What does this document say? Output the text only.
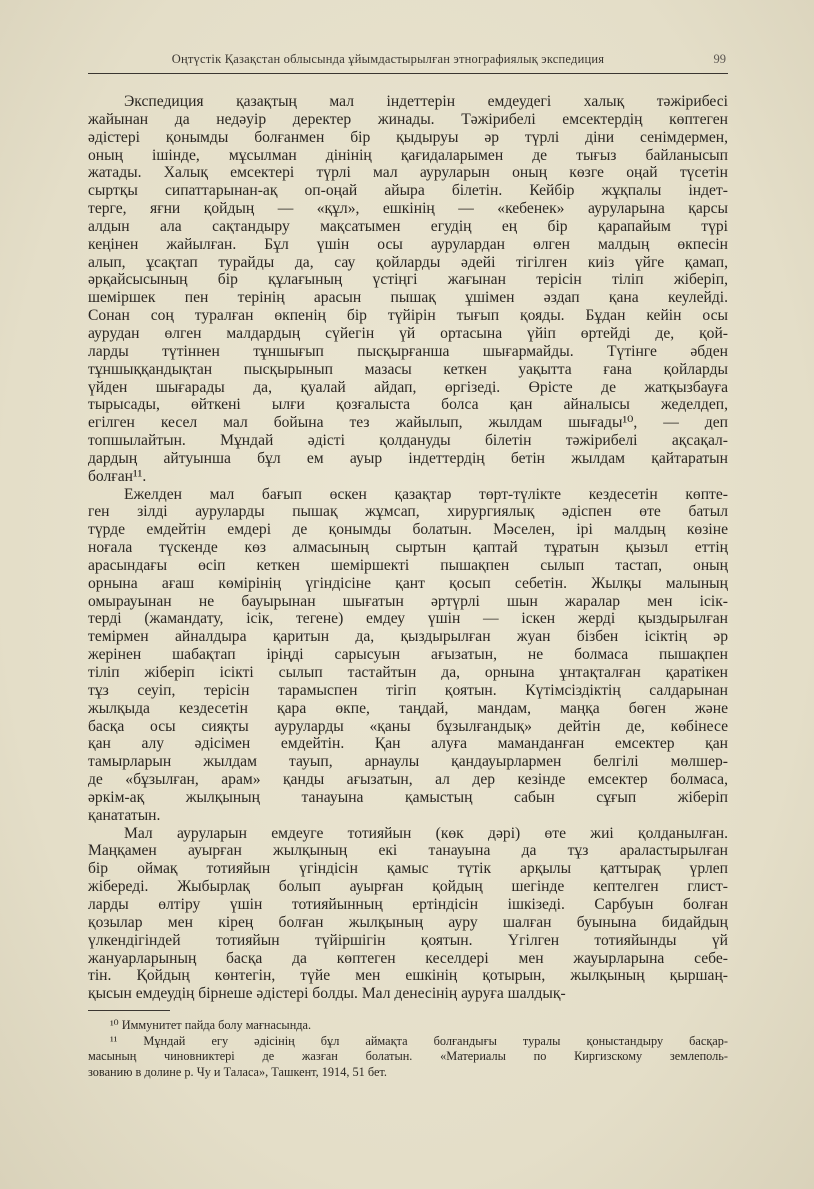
Оңтүстік Қазақстан облысында ұйымдастырылған этнографиялық экспедиция	99
Экспедиция қазақтың мал індеттерін емдеудегі халық тәжірибесі
жайынан да недәуір деректер жинады. Тәжірибелі емсектердің көптеген
әдістері қонымды болғанмен бір қыдыруы әр түрлі діни сенімдермен,
оның ішінде, мұсылман дінінің қағидаларымен де тығыз байланысып
жатады. Халық емсектері түрлі мал ауруларын оның көзге оңай түсетін
сыртқы сипаттарынан-ақ оп-оңай айыра білетін. Кейбір жұқпалы індет-
терге, яғни қойдың — «құл», ешкінің — «кебенек» ауруларына қарсы
алдын ала сақтандыру мақсатымен егудің ең бір қарапайым түрі
кеңінен жайылған. Бұл үшін осы аурулардан өлген малдың өкпесін
алып, ұсақтап турайды да, сау қойларды әдейі тігілген киіз үйге қамап,
әрқайсысының бір құлағының үстіңгі жағынан терісін тіліп жіберіп,
шеміршек пен терінің арасын пышақ ұшімен әздап қана кеулейді.
Сонан соң туралған өкпенің бір түйірін тығып қояды. Бұдан кейін осы
аурудан өлген малдардың сүйегін үй ортасына үйіп өртейді де, қой-
ларды түтіннен тұншығып пысқырғанша шығармайды. Түтінге әбден
тұншыққандықтан пысқырынып мазасы кеткен уақытта ғана қойларды
үйден шығарады да, қуалай айдап, өргізеді. Өрісте де жатқызбауға
тырысады, өйткені ылғи қозғалыста болса қан айналысы жеделдеп,
егілген кесел мал бойына тез жайылып, жылдам шығады¹⁰, — деп
топшылайтын. Мұндай әдісті қолдануды білетін тәжірибелі ақсақал-
дардың айтуынша бұл ем ауыр індеттердің бетін жылдам қайтаратын
болған¹¹.
Ежелден мал бағып өскен қазақтар төрт-түлікте кездесетін көпте-
ген зілді ауруларды пышақ жұмсап, хирургиялық әдіспен өте батыл
түрде емдейтін емдері де қонымды болатын. Мәселен, ірі малдың көзіне
ноғала түскенде көз алмасының сыртын қаптай тұратын қызыл еттің
арасындағы өсіп кеткен шеміршекті пышақпен сылып тастап, оның
орнына ағаш көмірінің үгіндісіне қант қосып себетін. Жылқы малының
омырауынан не бауырынан шығатын әртүрлі шын жаралар мен ісік-
терді (жамандату, ісік, тегене) емдеу үшін — іскен жерді қыздырылған
темірмен айналдыра қаритын да, қыздырылған жуан бізбен ісіктің әр
жерінен шабақтап іріңді сарысуын ағызатын, не болмаса пышақпен
тіліп жіберіп ісікті сылып тастайтын да, орнына ұнтақталған қаратікен
тұз сеуіп, терісін тарамыспен тігіп қоятын. Күтімсіздіктің салдарынан
жылқыда кездесетін қара өкпе, таңдай, мандам, маңқа бөген және
басқа осы сияқты ауруларды «қаны бұзылғандық» дейтін де, көбінесе
қан алу әдісімен емдейтін. Қан алуға маманданған емсектер қан
тамырларын жылдам тауып, арнаулы қандауырлармен белгілі мөлшер-
де «бұзылған, арам» қанды ағызатын, ал дер кезінде емсектер болмаса,
әркім-ақ жылқының танауына қамыстың сабын сұғып жіберіп
қанататын.
Мал ауруларын емдеуге тотияйын (көк дәрі) өте жиі қолданылған.
Маңқамен ауырған жылқының екі танауына да тұз араластырылған
бір оймақ тотияйын үгіндісін қамыс түтік арқылы қаттырақ үрлеп
жібереді. Жыбырлақ болып ауырған қойдың шегінде кептелген глист-
ларды өлтіру үшін тотияйынның ертіндісін ішкізеді. Сарбуын болған
қозылар мен кірең болған жылқының ауру шалған буынына бидайдың
үлкендігіндей тотияйын түйіршігін қоятын. Үгілген тотияйынды үй
жануарларының басқа да көптеген кеселдері мен жауырларына себе-
тін. Қойдың көнтегін, түйе мен ешкінің қотырын, жылқының қыршаң-
қысын емдеудің бірнеше әдістері болды. Мал денесінің ауруға шалдық-
¹⁰ Иммунитет пайда болу мағнасында.
¹¹ Мұндай егу әдісінің бұл аймақта болғандығы туралы қоныстандыру басқар-
масының чиновниктері де жазған болатын. «Материалы по Киргизскому землеполь-
зованию в долине р. Чу и Таласа», Ташкент, 1914, 51 бет.
